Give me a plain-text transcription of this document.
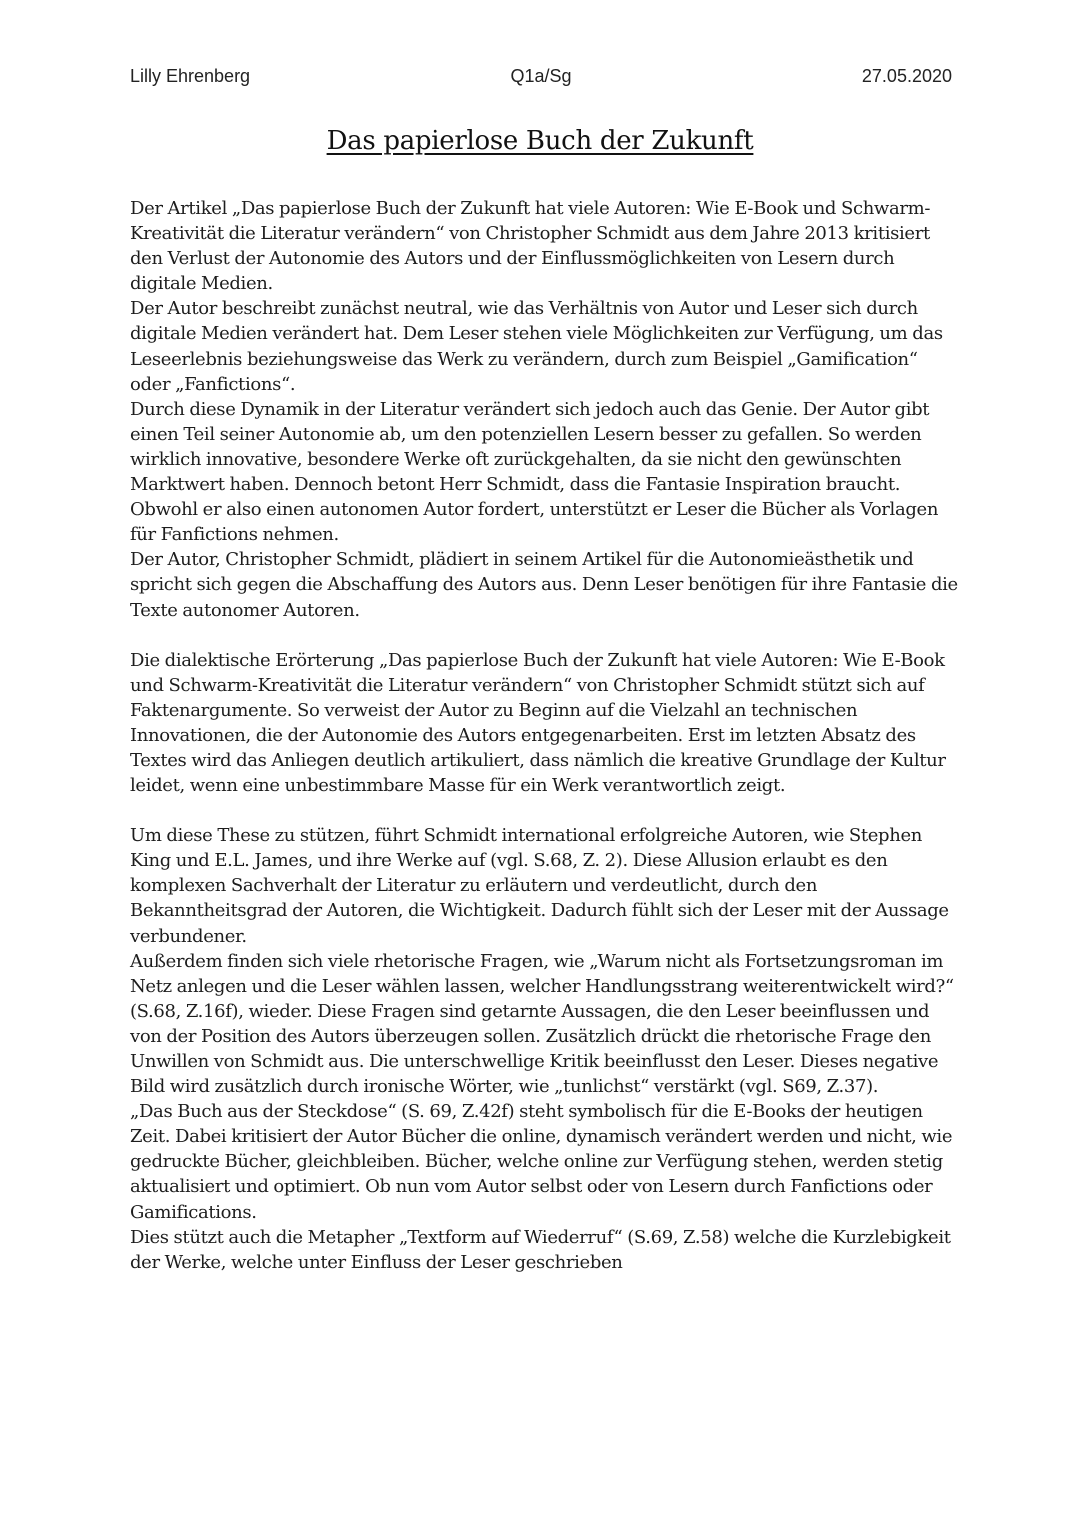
Lilly Ehrenberg	Q1a/Sg	27.05.2020
Das papierlose Buch der Zukunft

Der Artikel „Das papierlose Buch der Zukunft hat viele Autoren: Wie E-Book und Schwarm-Kreativität die Literatur verändern“ von Christopher Schmidt aus dem Jahre 2013 kritisiert den Verlust der Autonomie des Autors und der Einflussmöglichkeiten von Lesern durch digitale Medien.

Der Autor beschreibt zunächst neutral, wie das Verhältnis von Autor und Leser sich durch digitale Medien verändert hat. Dem Leser stehen viele Möglichkeiten zur Verfügung, um das Leseerlebnis beziehungsweise das Werk zu verändern, durch zum Beispiel „Gamification“ oder „Fanfictions“.

Durch diese Dynamik in der Literatur verändert sich jedoch auch das Genie. Der Autor gibt einen Teil seiner Autonomie ab, um den potenziellen Lesern besser zu gefallen. So werden wirklich innovative, besondere Werke oft zurückgehalten, da sie nicht den gewünschten Marktwert haben. Dennoch betont Herr Schmidt, dass die Fantasie Inspiration braucht.

Obwohl er also einen autonomen Autor fordert, unterstützt er Leser die Bücher als Vorlagen für Fanfictions nehmen.

Der Autor, Christopher Schmidt, plädiert in seinem Artikel für die Autonomieästhetik und spricht sich gegen die Abschaffung des Autors aus. Denn Leser benötigen für ihre Fantasie die Texte autonomer Autoren.

Die dialektische Erörterung „Das papierlose Buch der Zukunft hat viele Autoren: Wie E-Book und Schwarm-Kreativität die Literatur verändern“ von Christopher Schmidt stützt sich auf Faktenargumente. So verweist der Autor zu Beginn auf die Vielzahl an technischen Innovationen, die der Autonomie des Autors entgegenarbeiten. Erst im letzten Absatz des Textes wird das Anliegen deutlich artikuliert, dass nämlich die kreative Grundlage der Kultur leidet, wenn eine unbestimmbare Masse für ein Werk verantwortlich zeigt.

Um diese These zu stützen, führt Schmidt international erfolgreiche Autoren, wie Stephen King und E.L. James, und ihre Werke auf (vgl. S.68, Z. 2). Diese Allusion erlaubt es den komplexen Sachverhalt der Literatur zu erläutern und verdeutlicht, durch den Bekanntheitsgrad der Autoren, die Wichtigkeit. Dadurch fühlt sich der Leser mit der Aussage verbundener.

Außerdem finden sich viele rhetorische Fragen, wie „Warum nicht als Fortsetzungsroman im Netz anlegen und die Leser wählen lassen, welcher Handlungsstrang weiterentwickelt wird?“ (S.68, Z.16f), wieder. Diese Fragen sind getarnte Aussagen, die den Leser beeinflussen und von der Position des Autors überzeugen sollen. Zusätzlich drückt die rhetorische Frage den Unwillen von Schmidt aus. Die unterschwellige Kritik beeinflusst den Leser. Dieses negative Bild wird zusätzlich durch ironische Wörter, wie „tunlichst“ verstärkt (vgl. S69, Z.37).

„Das Buch aus der Steckdose“ (S. 69, Z.42f) steht symbolisch für die E-Books der heutigen Zeit. Dabei kritisiert der Autor Bücher die online, dynamisch verändert werden und nicht, wie gedruckte Bücher, gleichbleiben. Bücher, welche online zur Verfügung stehen, werden stetig aktualisiert und optimiert. Ob nun vom Autor selbst oder von Lesern durch Fanfictions oder Gamifications.

Dies stützt auch die Metapher „Textform auf Wiederruf“ (S.69, Z.58) welche die Kurzlebigkeit der Werke, welche unter Einfluss der Leser geschrieben
